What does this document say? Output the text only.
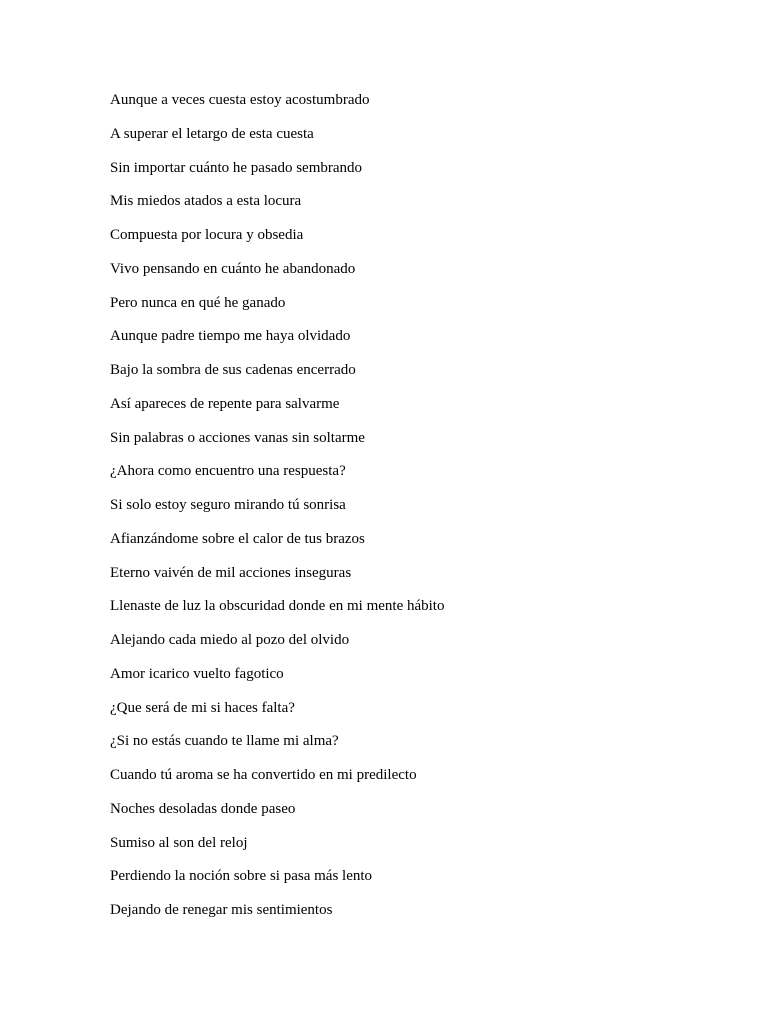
Aunque a veces cuesta estoy acostumbrado
A superar el letargo de esta cuesta
Sin importar cuánto he pasado sembrando
Mis miedos atados a esta locura
Compuesta por locura y obsedia
Vivo pensando en cuánto he abandonado
Pero nunca en qué he ganado
Aunque padre tiempo me haya olvidado
Bajo la sombra de sus cadenas encerrado
Así apareces de repente para salvarme
Sin palabras o acciones vanas sin soltarme
¿Ahora como encuentro una respuesta?
Si solo estoy seguro mirando tú sonrisa
Afianzándome sobre el calor de tus brazos
Eterno vaivén de mil acciones inseguras
Llenaste de luz la obscuridad donde en mi mente hábito
Alejando cada miedo al pozo del olvido
Amor icarico vuelto fagotico
¿Que será de mi si haces falta?
¿Si no estás cuando te llame mi alma?
Cuando tú aroma se ha convertido en mi predilecto
Noches desoladas donde paseo
Sumiso al son del reloj
Perdiendo la noción sobre si pasa más lento
Dejando de renegar mis sentimientos
